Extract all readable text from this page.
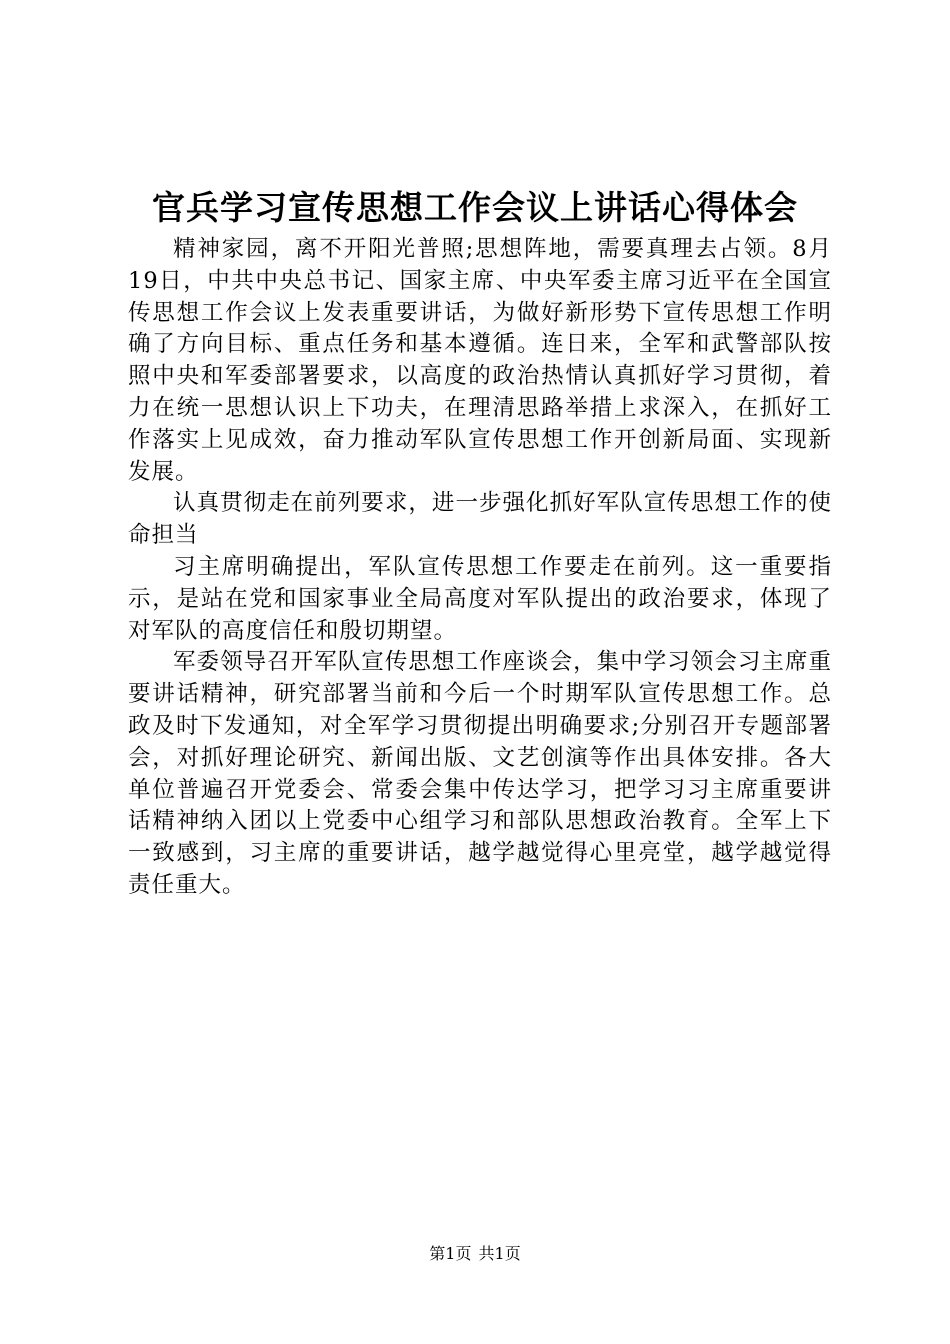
官兵学习宣传思想工作会议上讲话心得体会

精神家园，离不开阳光普照;思想阵地，需要真理去占领。8月19日，中共中央总书记、国家主席、中央军委主席习近平在全国宣传思想工作会议上发表重要讲话，为做好新形势下宣传思想工作明确了方向目标、重点任务和基本遵循。连日来，全军和武警部队按照中央和军委部署要求，以高度的政治热情认真抓好学习贯彻，着力在统一思想认识上下功夫，在理清思路举措上求深入，在抓好工作落实上见成效，奋力推动军队宣传思想工作开创新局面、实现新发展。

认真贯彻走在前列要求，进一步强化抓好军队宣传思想工作的使命担当

习主席明确提出，军队宣传思想工作要走在前列。这一重要指示，是站在党和国家事业全局高度对军队提出的政治要求，体现了对军队的高度信任和殷切期望。

军委领导召开军队宣传思想工作座谈会，集中学习领会习主席重要讲话精神，研究部署当前和今后一个时期军队宣传思想工作。总政及时下发通知，对全军学习贯彻提出明确要求;分别召开专题部署会，对抓好理论研究、新闻出版、文艺创演等作出具体安排。各大单位普遍召开党委会、常委会集中传达学习，把学习习主席重要讲话精神纳入团以上党委中心组学习和部队思想政治教育。全军上下一致感到，习主席的重要讲话，越学越觉得心里亮堂，越学越觉得责任重大。

第1页 共1页
